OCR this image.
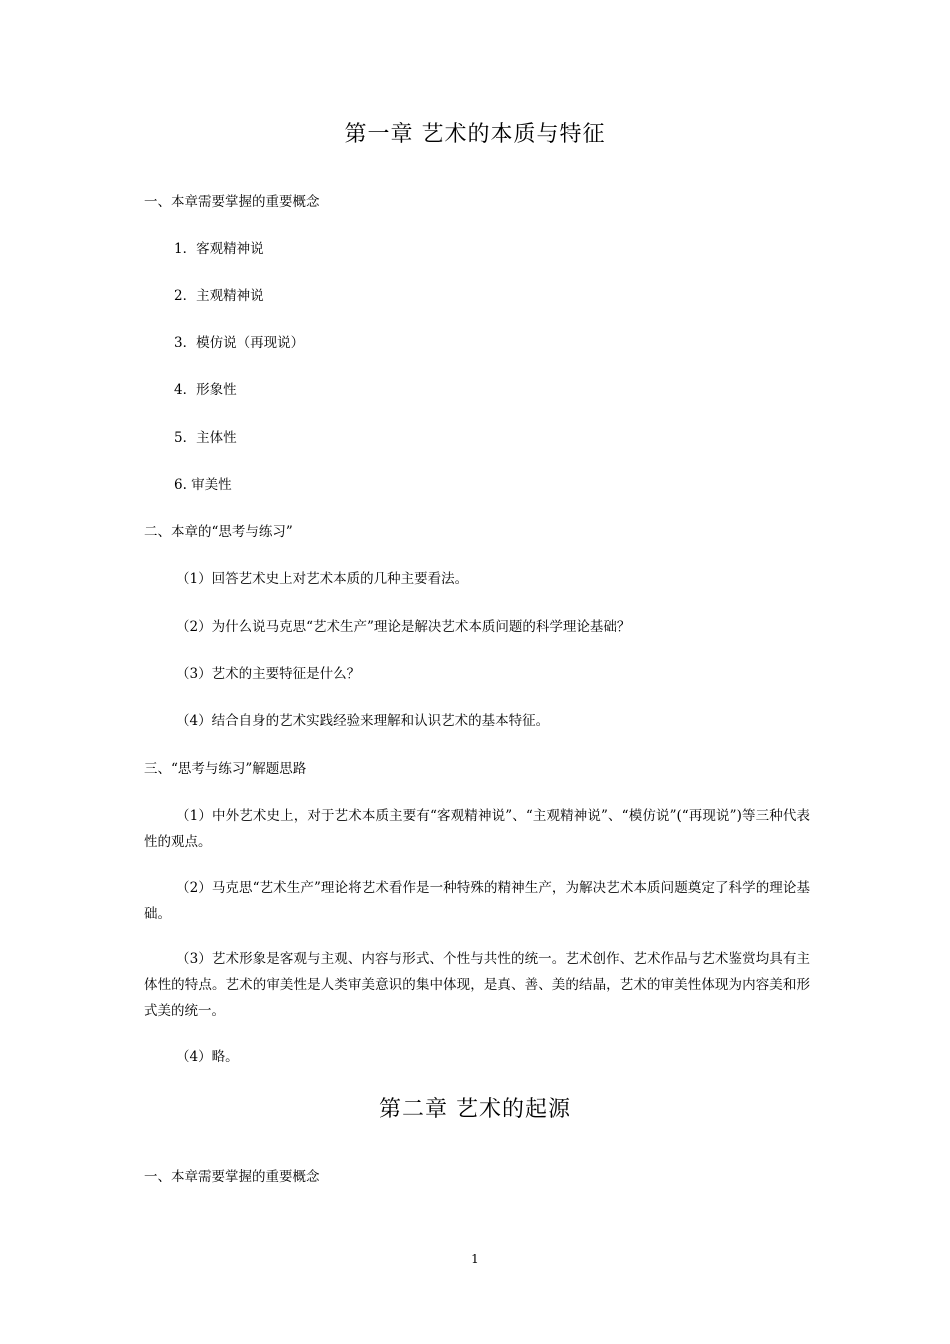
第一章 艺术的本质与特征
一、本章需要掌握的重要概念
1．客观精神说
2．主观精神说
3．模仿说（再现说）
4．形象性
5．主体性
6. 审美性
二、本章的“思考与练习”
（1）回答艺术史上对艺术本质的几种主要看法。
（2）为什么说马克思“艺术生产”理论是解决艺术本质问题的科学理论基础？
（3）艺术的主要特征是什么？
（4）结合自身的艺术实践经验来理解和认识艺术的基本特征。
三、“思考与练习”解题思路
（1）中外艺术史上，对于艺术本质主要有“客观精神说”、“主观精神说”、“模仿说”(“再现说”)等三种代表性的观点。
（2）马克思“艺术生产”理论将艺术看作是一种特殊的精神生产，为解决艺术本质问题奠定了科学的理论基础。
（3）艺术形象是客观与主观、内容与形式、个性与共性的统一。艺术创作、艺术作品与艺术鉴赏均具有主体性的特点。艺术的审美性是人类审美意识的集中体现，是真、善、美的结晶，艺术的审美性体现为内容美和形式美的统一。
（4）略。
第二章 艺术的起源
一、本章需要掌握的重要概念
1
